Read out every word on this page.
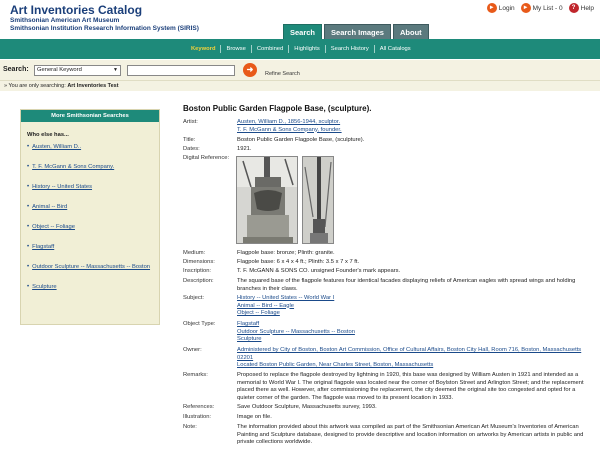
Art Inventories Catalog
Smithsonian American Art Museum
Smithsonian Institution Research Information System (SIRIS)
► Login	► My List - 0	? Help
Search	Search Images	About
Keyword	Browse	Combined	Highlights	Search History	All Catalogs
Search:	General Keyword	▼	➜	Refine Search
» You are only searching: Art Inventories Test
More Smithsonian Searches
Who else has...
• Austen, William D..
• T. F. McGann & Sons Company.
• History -- United States
• Animal -- Bird
• Object -- Foliage
• Flagstaff
• Outdoor Sculpture -- Massachusetts -- Boston
• Sculpture
Boston Public Garden Flagpole Base, (sculpture).
Artist:	Austen, William D., 1856-1944, sculptor.
T. F. McGann & Sons Company, founder.
Title:	Boston Public Garden Flagpole Base, (sculpture).
Dates:	1921.
Digital Reference:
Medium:	Flagpole base: bronze; Plinth: granite.
Dimensions:	Flagpole base: 6 x 4 x 4 ft.; Plinth: 3.5 x 7 x 7 ft.
Inscription:	T. F. McGANN & SONS CO. unsigned Founder's mark appears.
Description:	The squared base of the flagpole features four identical facades displaying reliefs of American eagles with spread wings and holding branches in their claws.
Subject:	History -- United States -- World War I
Animal -- Bird -- Eagle
Object -- Foliage
Object Type:	Flagstaff
Outdoor Sculpture -- Massachusetts -- Boston
Sculpture
Owner:	Administered by City of Boston, Boston Art Commission, Office of Cultural Affairs, Boston City Hall, Room 716, Boston, Massachusetts 02201
Located Boston Public Garden, Near Charles Street, Boston, Massachusetts
Remarks:	Proposed to replace the flagpole destroyed by lightning in 1920, this base was designed by William Austen in 1921 and intended as a memorial to World War I. The original flagpole was located near the corner of Boylston Street and Arlington Street; and the replacement placed there as well. However, after commissioning the replacement, the city deemed the original site too congested and opted for a quieter corner of the garden. The flagpole was moved to its present location in 1933.
References:	Save Outdoor Sculpture, Massachusetts survey, 1993.
Illustration:	Image on file.
Note:	The information provided about this artwork was compiled as part of the Smithsonian American Art Museum's Inventories of American Painting and Sculpture database, designed to provide descriptive and location information on artworks by American artists in public and private collections worldwide.
